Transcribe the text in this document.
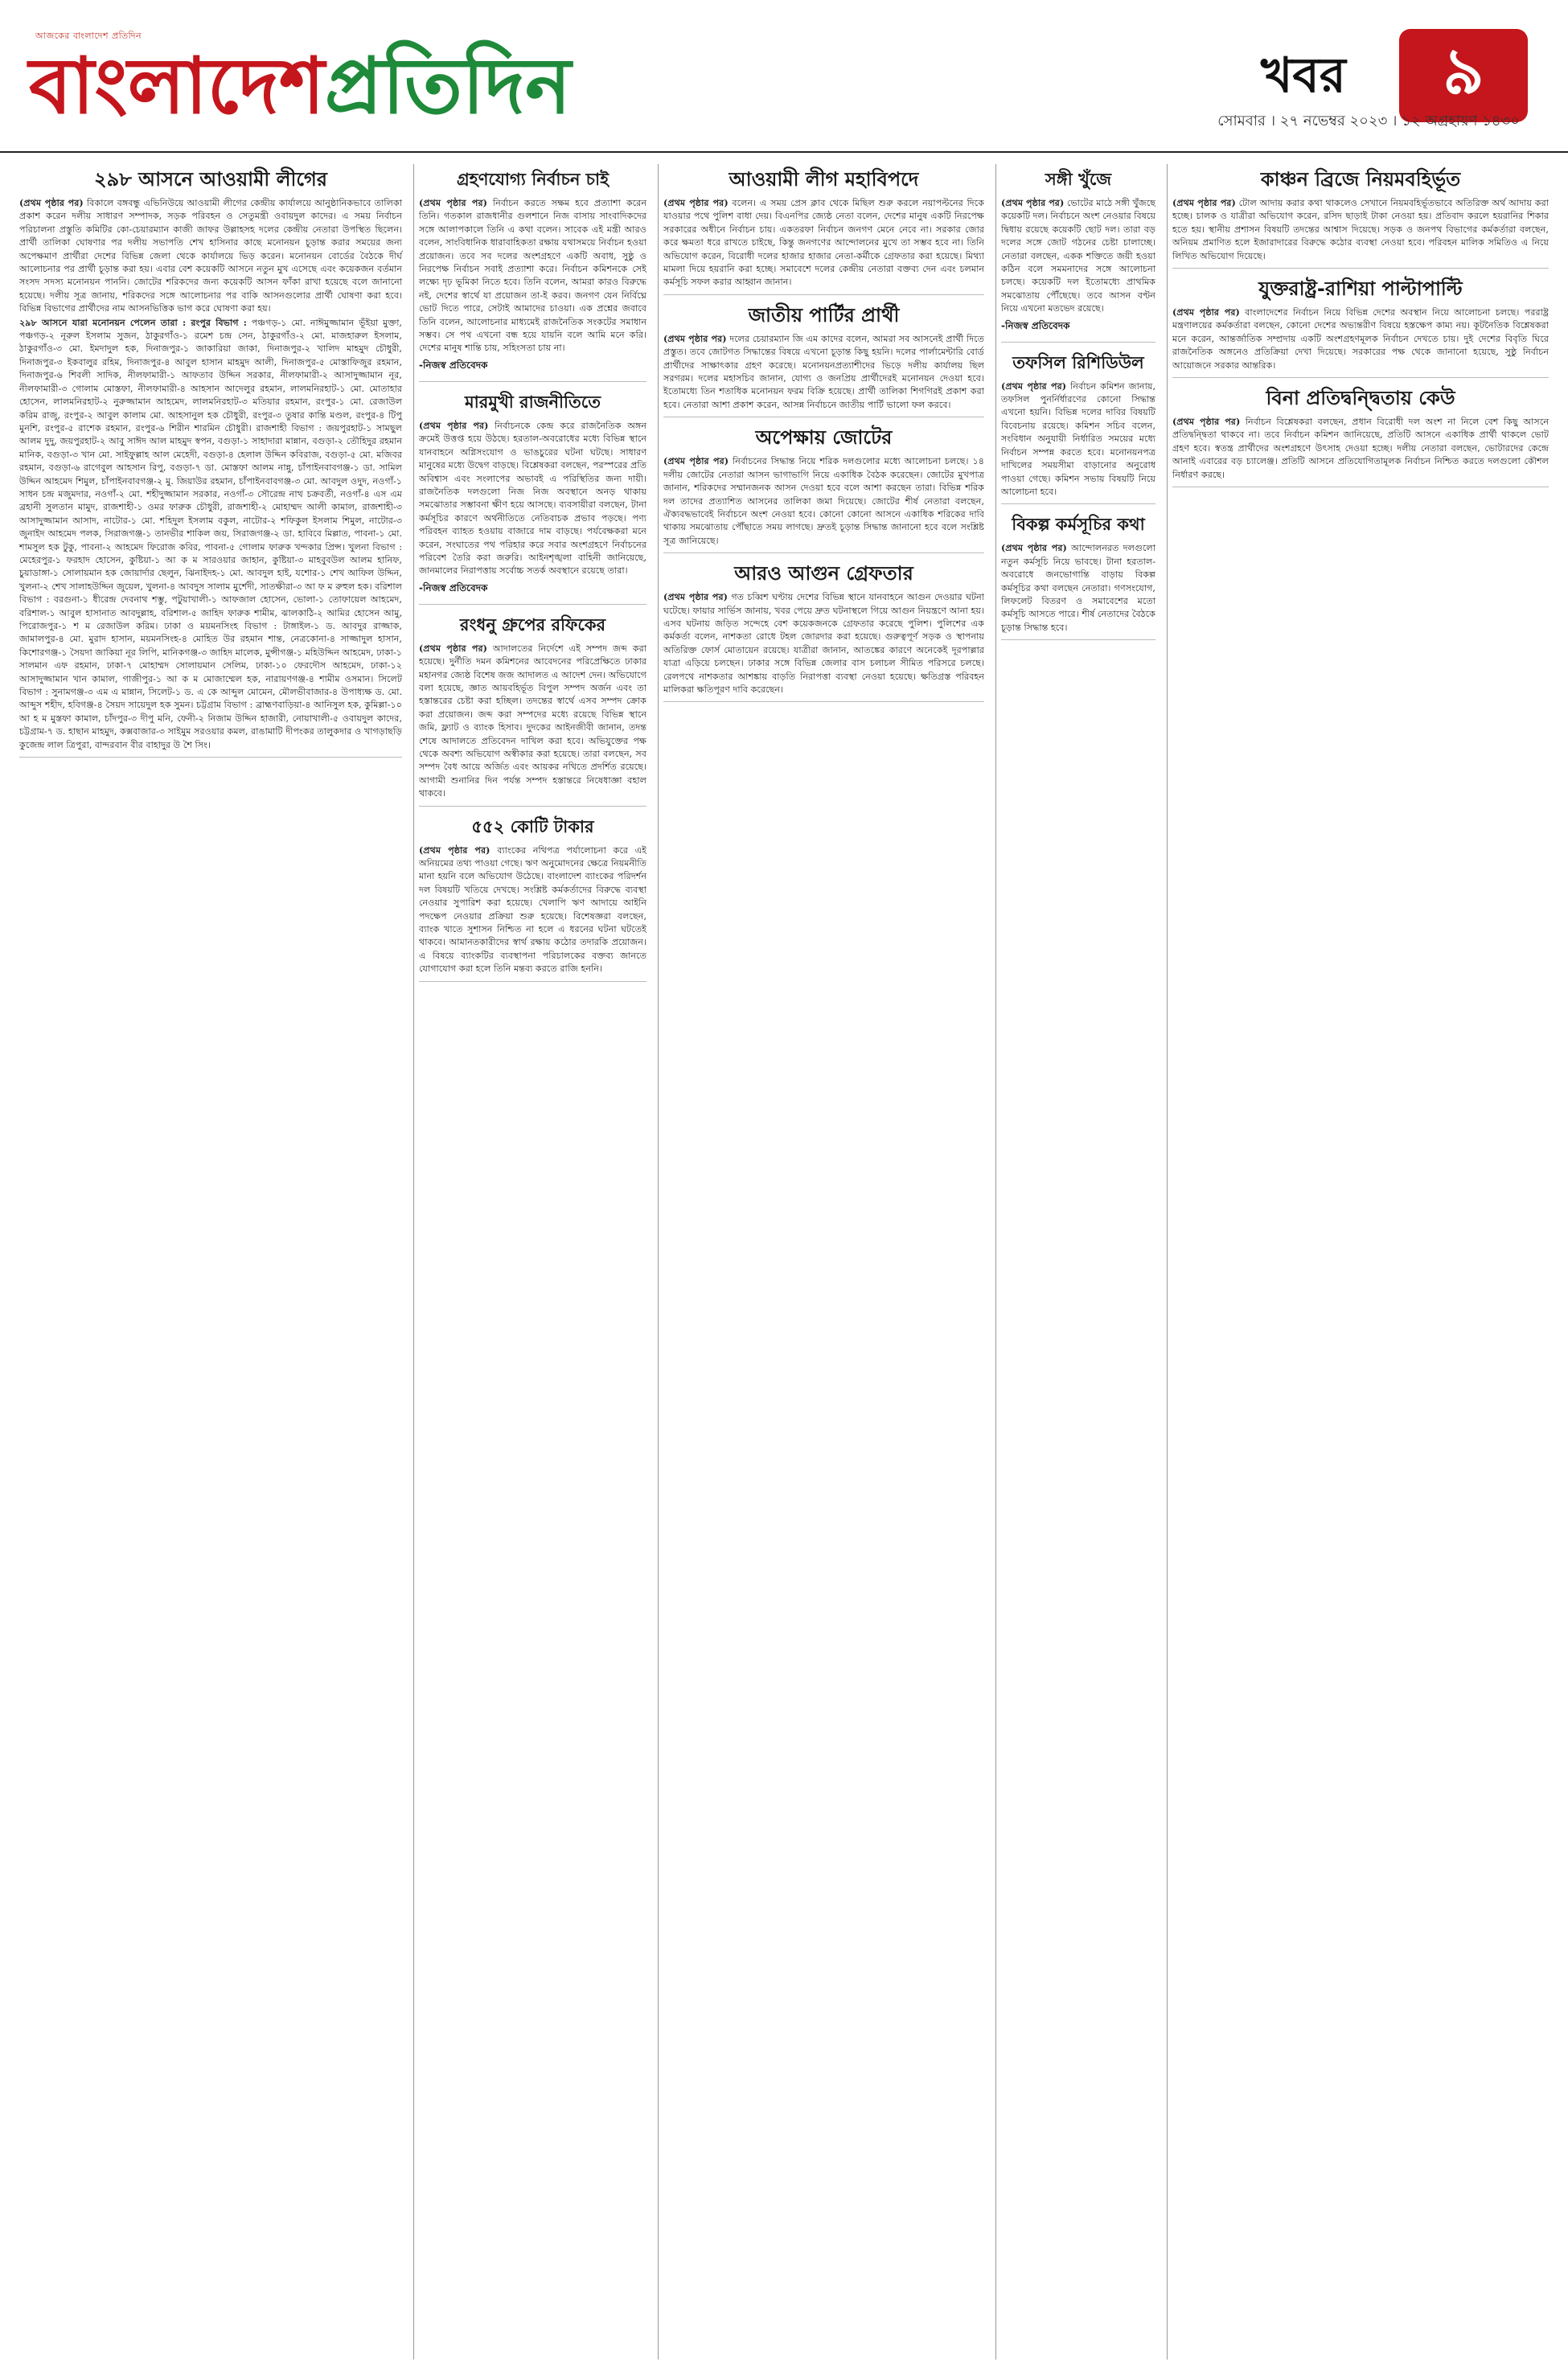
আজকের বাংলাদেশ প্রতিদিন
বাংলাদেশপ্রতিদিন	খবর	৯
সোমবার । ২৭ নভেম্বর ২০২৩ । ১২ অগ্রহায়ণ ১৪৩০
২৯৮ আসনে আওয়ামী লীগের

(প্রথম পৃষ্ঠার পর) বিকালে বঙ্গবন্ধু এভিনিউয়ে আওয়ামী লীগের কেন্দ্রীয় কার্যালয়ে আনুষ্ঠানিকভাবে তালিকা প্রকাশ করেন দলীয় সাধারণ সম্পাদক, সড়ক পরিবহন ও সেতুমন্ত্রী ওবায়দুল কাদের। এ সময় নির্বাচন পরিচালনা প্রস্তুতি কমিটির কো-চেয়ারম্যান কাজী জাফর উল্লাহসহ দলের কেন্দ্রীয় নেতারা উপস্থিত ছিলেন। প্রার্থী তালিকা ঘোষণার পর দলীয় সভাপতি শেখ হাসিনার কাছে মনোনয়ন চূড়ান্ত করার সময়ের জন্য অপেক্ষমাণ প্রার্থীরা দেশের বিভিন্ন জেলা থেকে কার্যালয়ে ভিড় করেন। মনোনয়ন বোর্ডের বৈঠকে দীর্ঘ আলোচনার পর প্রার্থী চূড়ান্ত করা হয়। এবার বেশ কয়েকটি আসনে নতুন মুখ এসেছে এবং কয়েকজন বর্তমান সংসদ সদস্য মনোনয়ন পাননি। জোটের শরিকদের জন্য কয়েকটি আসন ফাঁকা রাখা হয়েছে বলে জানানো হয়েছে। দলীয় সূত্র জানায়, শরিকদের সঙ্গে আলোচনার পর বাকি আসনগুলোর প্রার্থী ঘোষণা করা হবে। বিভিন্ন বিভাগের প্রার্থীদের নাম আসনভিত্তিক ভাগ করে ঘোষণা করা হয়।

২৯৮ আসনে যারা মনোনয়ন পেলেন তারা : রংপুর বিভাগ : পঞ্চগড়-১ মো. নাঈমুজ্জামান ভূঁইয়া মুক্তা, পঞ্চগড়-২ নূরুল ইসলাম সুজন, ঠাকুরগাঁও-১ রমেশ চন্দ্র সেন, ঠাকুরগাঁও-২ মো. মাজহারুল ইসলাম, ঠাকুরগাঁও-৩ মো. ইমদাদুল হক, দিনাজপুর-১ জাকারিয়া জাকা, দিনাজপুর-২ খালিদ মাহমুদ চৌধুরী, দিনাজপুর-৩ ইকবালুর রহিম, দিনাজপুর-৪ আবুল হাসান মাহমুদ আলী, দিনাজপুর-৫ মোস্তাফিজুর রহমান, দিনাজপুর-৬ শিবলী সাদিক, নীলফামারী-১ আফতাব উদ্দিন সরকার, নীলফামারী-২ আসাদুজ্জামান নূর, নীলফামারী-৩ গোলাম মোস্তফা, নীলফামারী-৪ আহসান আদেলুর রহমান, লালমনিরহাট-১ মো. মোতাহার হোসেন, লালমনিরহাট-২ নুরুজ্জামান আহমেদ, লালমনিরহাট-৩ মতিয়ার রহমান, রংপুর-১ মো. রেজাউল করিম রাজু, রংপুর-২ আবুল কালাম মো. আহসানুল হক চৌধুরী, রংপুর-৩ তুষার কান্তি মণ্ডল, রংপুর-৪ টিপু মুনশি, রংপুর-৫ রাশেক রহমান, রংপুর-৬ শিরীন শারমিন চৌধুরী। রাজশাহী বিভাগ : জয়পুরহাট-১ সামছুল আলম দুদু, জয়পুরহাট-২ আবু সাঈদ আল মাহমুদ স্বপন, বগুড়া-১ সাহাদারা মান্নান, বগুড়া-২ তৌহিদুর রহমান মানিক, বগুড়া-৩ খান মো. সাইফুল্লাহ আল মেহেদী, বগুড়া-৪ হেলাল উদ্দিন কবিরাজ, বগুড়া-৫ মো. মজিবর রহমান, বগুড়া-৬ রাগেবুল আহসান রিপু, বগুড়া-৭ ডা. মোস্তফা আলম নান্নু, চাঁপাইনবাবগঞ্জ-১ ডা. সামিল উদ্দিন আহমেদ শিমুল, চাঁপাইনবাবগঞ্জ-২ মু. জিয়াউর রহমান, চাঁপাইনবাবগঞ্জ-৩ মো. আবদুল ওদুদ, নওগাঁ-১ সাধন চন্দ্র মজুমদার, নওগাঁ-২ মো. শহীদুজ্জামান সরকার, নওগাঁ-৩ সৌরেন্দ্র নাথ চক্রবর্তী, নওগাঁ-৪ এস এম ব্রহানী সুলতান মামুদ, রাজশাহী-১ ওমর ফারুক চৌধুরী, রাজশাহী-২ মোহাম্মদ আলী কামাল, রাজশাহী-৩ আসাদুজ্জামান আসাদ, নাটোর-১ মো. শহিদুল ইসলাম বকুল, নাটোর-২ শফিকুল ইসলাম শিমুল, নাটোর-৩ জুনাইদ আহমেদ পলক, সিরাজগঞ্জ-১ তানভীর শাকিল জয়, সিরাজগঞ্জ-২ ডা. হাবিবে মিল্লাত, পাবনা-১ মো. শামসুল হক টুকু, পাবনা-২ আহমেদ ফিরোজ কবির, পাবনা-৫ গোলাম ফারুক খন্দকার প্রিন্স। খুলনা বিভাগ : মেহেরপুর-১ ফরহাদ হোসেন, কুষ্টিয়া-১ আ ক ম সারওয়ার জাহান, কুষ্টিয়া-৩ মাহবুবউল আলম হানিফ, চুয়াডাঙ্গা-১ সোলায়মান হক জোয়ার্দার ছেলুন, ঝিনাইদহ-১ মো. আবদুল হাই, যশোর-১ শেখ আফিল উদ্দিন, খুলনা-২ শেখ সালাহউদ্দিন জুয়েল, খুলনা-৪ আবদুস সালাম মুর্শেদী, সাতক্ষীরা-৩ আ ফ ম রুহুল হক। বরিশাল বিভাগ : বরগুনা-১ ধীরেন্দ্র দেবনাথ শম্ভু, পটুয়াখালী-১ আফজাল হোসেন, ভোলা-১ তোফায়েল আহমেদ, বরিশাল-১ আবুল হাসানাত আবদুল্লাহ, বরিশাল-৫ জাহিদ ফারুক শামীম, ঝালকাঠি-২ আমির হোসেন আমু, পিরোজপুর-১ শ ম রেজাউল করিম। ঢাকা ও ময়মনসিংহ বিভাগ : টাঙ্গাইল-১ ড. আবদুর রাজ্জাক, জামালপুর-৪ মো. মুরাদ হাসান, ময়মনসিংহ-৪ মোহিত উর রহমান শান্ত, নেত্রকোনা-৪ সাজ্জাদুল হাসান, কিশোরগঞ্জ-১ সৈয়দা জাকিয়া নূর লিপি, মানিকগঞ্জ-৩ জাহিদ মালেক, মুন্সীগঞ্জ-১ মহিউদ্দিন আহমেদ, ঢাকা-১ সালমান এফ রহমান, ঢাকা-৭ মোহাম্মদ সোলায়মান সেলিম, ঢাকা-১০ ফেরদৌস আহমেদ, ঢাকা-১২ আসাদুজ্জামান খান কামাল, গাজীপুর-১ আ ক ম মোজাম্মেল হক, নারায়ণগঞ্জ-৪ শামীম ওসমান। সিলেট বিভাগ : সুনামগঞ্জ-৩ এম এ মান্নান, সিলেট-১ ড. এ কে আব্দুল মোমেন, মৌলভীবাজার-৪ উপাধ্যক্ষ ড. মো. আব্দুস শহীদ, হবিগঞ্জ-৪ সৈয়দ সায়েদুল হক সুমন। চট্টগ্রাম বিভাগ : ব্রাহ্মণবাড়িয়া-৪ আনিসুল হক, কুমিল্লা-১০ আ হ ম মুস্তফা কামাল, চাঁদপুর-৩ দীপু মনি, ফেনী-২ নিজাম উদ্দিন হাজারী, নোয়াখালী-৫ ওবায়দুল কাদের, চট্টগ্রাম-৭ ড. হাছান মাহমুদ, কক্সবাজার-৩ সাইমুম সরওয়ার কমল, রাঙামাটি দীপংকর তালুকদার ও খাগড়াছড়ি কুজেন্দ্র লাল ত্রিপুরা, বান্দরবান বীর বাহাদুর উ শৈ সিং।

গ্রহণযোগ্য নির্বাচন চাই

(প্রথম পৃষ্ঠার পর) নির্বাচন করতে সক্ষম হবে প্রত্যাশা করেন তিনি। গতকাল রাজধানীর গুলশানে নিজ বাসায় সাংবাদিকদের সঙ্গে আলাপকালে তিনি এ কথা বলেন। সাবেক এই মন্ত্রী আরও বলেন, সাংবিধানিক ধারাবাহিকতা রক্ষায় যথাসময়ে নির্বাচন হওয়া প্রয়োজন। তবে সব দলের অংশগ্রহণে একটি অবাধ, সুষ্ঠু ও নিরপেক্ষ নির্বাচন সবাই প্রত্যাশা করে। নির্বাচন কমিশনকে সেই লক্ষ্যে দৃঢ় ভূমিকা নিতে হবে। তিনি বলেন, আমরা কারও বিরুদ্ধে নই, দেশের স্বার্থে যা প্রয়োজন তা-ই করব। জনগণ যেন নির্বিঘ্নে ভোট দিতে পারে, সেটাই আমাদের চাওয়া। এক প্রশ্নের জবাবে তিনি বলেন, আলোচনার মাধ্যমেই রাজনৈতিক সংকটের সমাধান সম্ভব। সে পথ এখনো বন্ধ হয়ে যায়নি বলে আমি মনে করি। দেশের মানুষ শান্তি চায়, সহিংসতা চায় না।

-নিজস্ব প্রতিবেদক
মারমুখী রাজনীতিতে

(প্রথম পৃষ্ঠার পর) নির্বাচনকে কেন্দ্র করে রাজনৈতিক অঙ্গন ক্রমেই উত্তপ্ত হয়ে উঠছে। হরতাল-অবরোধের মধ্যে বিভিন্ন স্থানে যানবাহনে অগ্নিসংযোগ ও ভাঙচুরের ঘটনা ঘটছে। সাধারণ মানুষের মধ্যে উদ্বেগ বাড়ছে। বিশ্লেষকরা বলছেন, পরস্পরের প্রতি অবিশ্বাস এবং সংলাপের অভাবই এ পরিস্থিতির জন্য দায়ী। রাজনৈতিক দলগুলো নিজ নিজ অবস্থানে অনড় থাকায় সমঝোতার সম্ভাবনা ক্ষীণ হয়ে আসছে। ব্যবসায়ীরা বলছেন, টানা কর্মসূচির কারণে অর্থনীতিতে নেতিবাচক প্রভাব পড়ছে। পণ্য পরিবহন ব্যাহত হওয়ায় বাজারে দাম বাড়ছে। পর্যবেক্ষকরা মনে করেন, সংঘাতের পথ পরিহার করে সবার অংশগ্রহণে নির্বাচনের পরিবেশ তৈরি করা জরুরি। আইনশৃঙ্খলা বাহিনী জানিয়েছে, জানমালের নিরাপত্তায় সর্বোচ্চ সতর্ক অবস্থানে রয়েছে তারা।

-নিজস্ব প্রতিবেদক
রংধনু গ্রুপের রফিকের

(প্রথম পৃষ্ঠার পর) আদালতের নির্দেশে এই সম্পদ জব্দ করা হয়েছে। দুর্নীতি দমন কমিশনের আবেদনের পরিপ্রেক্ষিতে ঢাকার মহানগর জ্যেষ্ঠ বিশেষ জজ আদালত এ আদেশ দেন। অভিযোগে বলা হয়েছে, জ্ঞাত আয়বহির্ভূত বিপুল সম্পদ অর্জন এবং তা হস্তান্তরের চেষ্টা করা হচ্ছিল। তদন্তের স্বার্থে এসব সম্পদ ক্রোক করা প্রয়োজন। জব্দ করা সম্পদের মধ্যে রয়েছে বিভিন্ন স্থানে জমি, ফ্ল্যাট ও ব্যাংক হিসাব। দুদকের আইনজীবী জানান, তদন্ত শেষে আদালতে প্রতিবেদন দাখিল করা হবে। অভিযুক্তের পক্ষ থেকে অবশ্য অভিযোগ অস্বীকার করা হয়েছে। তারা বলছেন, সব সম্পদ বৈধ আয়ে অর্জিত এবং আয়কর নথিতে প্রদর্শিত রয়েছে। আগামী শুনানির দিন পর্যন্ত সম্পদ হস্তান্তরে নিষেধাজ্ঞা বহাল থাকবে।

৫৫২ কোটি টাকার

(প্রথম পৃষ্ঠার পর) ব্যাংকের নথিপত্র পর্যালোচনা করে এই অনিয়মের তথ্য পাওয়া গেছে। ঋণ অনুমোদনের ক্ষেত্রে নিয়মনীতি মানা হয়নি বলে অভিযোগ উঠেছে। বাংলাদেশ ব্যাংকের পরিদর্শন দল বিষয়টি খতিয়ে দেখছে। সংশ্লিষ্ট কর্মকর্তাদের বিরুদ্ধে ব্যবস্থা নেওয়ার সুপারিশ করা হয়েছে। খেলাপি ঋণ আদায়ে আইনি পদক্ষেপ নেওয়ার প্রক্রিয়া শুরু হয়েছে। বিশেষজ্ঞরা বলছেন, ব্যাংক খাতে সুশাসন নিশ্চিত না হলে এ ধরনের ঘটনা ঘটতেই থাকবে। আমানতকারীদের স্বার্থ রক্ষায় কঠোর তদারকি প্রয়োজন। এ বিষয়ে ব্যাংকটির ব্যবস্থাপনা পরিচালকের বক্তব্য জানতে যোগাযোগ করা হলে তিনি মন্তব্য করতে রাজি হননি।

আওয়ামী লীগ মহাবিপদে

(প্রথম পৃষ্ঠার পর) বলেন। এ সময় প্রেস ক্লাব থেকে মিছিল শুরু করলে নয়াপল্টনের দিকে যাওয়ার পথে পুলিশ বাধা দেয়। বিএনপির জ্যেষ্ঠ নেতা বলেন, দেশের মানুষ একটি নিরপেক্ষ সরকারের অধীনে নির্বাচন চায়। একতরফা নির্বাচন জনগণ মেনে নেবে না। সরকার জোর করে ক্ষমতা ধরে রাখতে চাইছে, কিন্তু জনগণের আন্দোলনের মুখে তা সম্ভব হবে না। তিনি অভিযোগ করেন, বিরোধী দলের হাজার হাজার নেতা-কর্মীকে গ্রেফতার করা হয়েছে। মিথ্যা মামলা দিয়ে হয়রানি করা হচ্ছে। সমাবেশে দলের কেন্দ্রীয় নেতারা বক্তব্য দেন এবং চলমান কর্মসূচি সফল করার আহ্বান জানান।

জাতীয় পার্টির প্রার্থী

(প্রথম পৃষ্ঠার পর) দলের চেয়ারম্যান জি এম কাদের বলেন, আমরা সব আসনেই প্রার্থী দিতে প্রস্তুত। তবে জোটগত সিদ্ধান্তের বিষয়ে এখনো চূড়ান্ত কিছু হয়নি। দলের পার্লামেন্টারি বোর্ড প্রার্থীদের সাক্ষাৎকার গ্রহণ করেছে। মনোনয়নপ্রত্যাশীদের ভিড়ে দলীয় কার্যালয় ছিল সরগরম। দলের মহাসচিব জানান, যোগ্য ও জনপ্রিয় প্রার্থীদেরই মনোনয়ন দেওয়া হবে। ইতোমধ্যে তিন শতাধিক মনোনয়ন ফরম বিক্রি হয়েছে। প্রার্থী তালিকা শিগগিরই প্রকাশ করা হবে। নেতারা আশা প্রকাশ করেন, আসন্ন নির্বাচনে জাতীয় পার্টি ভালো ফল করবে।

অপেক্ষায় জোটের

(প্রথম পৃষ্ঠার পর) নির্বাচনের সিদ্ধান্ত নিয়ে শরিক দলগুলোর মধ্যে আলোচনা চলছে। ১৪ দলীয় জোটের নেতারা আসন ভাগাভাগি নিয়ে একাধিক বৈঠক করেছেন। জোটের মুখপাত্র জানান, শরিকদের সম্মানজনক আসন দেওয়া হবে বলে আশা করছেন তারা। বিভিন্ন শরিক দল তাদের প্রত্যাশিত আসনের তালিকা জমা দিয়েছে। জোটের শীর্ষ নেতারা বলছেন, ঐক্যবদ্ধভাবেই নির্বাচনে অংশ নেওয়া হবে। কোনো কোনো আসনে একাধিক শরিকের দাবি থাকায় সমঝোতায় পৌঁছাতে সময় লাগছে। দ্রুতই চূড়ান্ত সিদ্ধান্ত জানানো হবে বলে সংশ্লিষ্ট সূত্র জানিয়েছে।

আরও আগুন গ্রেফতার

(প্রথম পৃষ্ঠার পর) গত চব্বিশ ঘণ্টায় দেশের বিভিন্ন স্থানে যানবাহনে আগুন দেওয়ার ঘটনা ঘটেছে। ফায়ার সার্ভিস জানায়, খবর পেয়ে দ্রুত ঘটনাস্থলে গিয়ে আগুন নিয়ন্ত্রণে আনা হয়। এসব ঘটনায় জড়িত সন্দেহে বেশ কয়েকজনকে গ্রেফতার করেছে পুলিশ। পুলিশের এক কর্মকর্তা বলেন, নাশকতা রোধে টহল জোরদার করা হয়েছে। গুরুত্বপূর্ণ সড়ক ও স্থাপনায় অতিরিক্ত ফোর্স মোতায়েন রয়েছে। যাত্রীরা জানান, আতঙ্কের কারণে অনেকেই দূরপাল্লার যাত্রা এড়িয়ে চলছেন। ঢাকার সঙ্গে বিভিন্ন জেলার বাস চলাচল সীমিত পরিসরে চলছে। রেলপথে নাশকতার আশঙ্কায় বাড়তি নিরাপত্তা ব্যবস্থা নেওয়া হয়েছে। ক্ষতিগ্রস্ত পরিবহন মালিকরা ক্ষতিপূরণ দাবি করেছেন।

সঙ্গী খুঁজে

(প্রথম পৃষ্ঠার পর) ভোটের মাঠে সঙ্গী খুঁজছে কয়েকটি দল। নির্বাচনে অংশ নেওয়ার বিষয়ে দ্বিধায় রয়েছে কয়েকটি ছোট দল। তারা বড় দলের সঙ্গে জোট গঠনের চেষ্টা চালাচ্ছে। নেতারা বলছেন, একক শক্তিতে জয়ী হওয়া কঠিন বলে সমমনাদের সঙ্গে আলোচনা চলছে। কয়েকটি দল ইতোমধ্যে প্রাথমিক সমঝোতায় পৌঁছেছে। তবে আসন বণ্টন নিয়ে এখনো মতভেদ রয়েছে।

-নিজস্ব প্রতিবেদক
তফসিল রিশিডিউল

(প্রথম পৃষ্ঠার পর) নির্বাচন কমিশন জানায়, তফসিল পুনর্নির্ধারণের কোনো সিদ্ধান্ত এখনো হয়নি। বিভিন্ন দলের দাবির বিষয়টি বিবেচনায় রয়েছে। কমিশন সচিব বলেন, সংবিধান অনুযায়ী নির্ধারিত সময়ের মধ্যে নির্বাচন সম্পন্ন করতে হবে। মনোনয়নপত্র দাখিলের সময়সীমা বাড়ানোর অনুরোধ পাওয়া গেছে। কমিশন সভায় বিষয়টি নিয়ে আলোচনা হবে।

বিকল্প কর্মসূচির কথা

(প্রথম পৃষ্ঠার পর) আন্দোলনরত দলগুলো নতুন কর্মসূচি নিয়ে ভাবছে। টানা হরতাল-অবরোধে জনভোগান্তি বাড়ায় বিকল্প কর্মসূচির কথা বলছেন নেতারা। গণসংযোগ, লিফলেট বিতরণ ও সমাবেশের মতো কর্মসূচি আসতে পারে। শীর্ষ নেতাদের বৈঠকে চূড়ান্ত সিদ্ধান্ত হবে।

কাঞ্চন ব্রিজে নিয়মবহির্ভূত

(প্রথম পৃষ্ঠার পর) টোল আদায় করার কথা থাকলেও সেখানে নিয়মবহির্ভূতভাবে অতিরিক্ত অর্থ আদায় করা হচ্ছে। চালক ও যাত্রীরা অভিযোগ করেন, রসিদ ছাড়াই টাকা নেওয়া হয়। প্রতিবাদ করলে হয়রানির শিকার হতে হয়। স্থানীয় প্রশাসন বিষয়টি তদন্তের আশ্বাস দিয়েছে। সড়ক ও জনপথ বিভাগের কর্মকর্তারা বলছেন, অনিয়ম প্রমাণিত হলে ইজারাদারের বিরুদ্ধে কঠোর ব্যবস্থা নেওয়া হবে। পরিবহন মালিক সমিতিও এ নিয়ে লিখিত অভিযোগ দিয়েছে।

যুক্তরাষ্ট্র-রাশিয়া পাল্টাপাল্টি

(প্রথম পৃষ্ঠার পর) বাংলাদেশের নির্বাচন নিয়ে বিভিন্ন দেশের অবস্থান নিয়ে আলোচনা চলছে। পররাষ্ট্র মন্ত্রণালয়ের কর্মকর্তারা বলছেন, কোনো দেশের অভ্যন্তরীণ বিষয়ে হস্তক্ষেপ কাম্য নয়। কূটনৈতিক বিশ্লেষকরা মনে করেন, আন্তর্জাতিক সম্প্রদায় একটি অংশগ্রহণমূলক নির্বাচন দেখতে চায়। দুই দেশের বিবৃতি ঘিরে রাজনৈতিক অঙ্গনেও প্রতিক্রিয়া দেখা দিয়েছে। সরকারের পক্ষ থেকে জানানো হয়েছে, সুষ্ঠু নির্বাচন আয়োজনে সরকার আন্তরিক।

বিনা প্রতিদ্বন্দ্বিতায় কেউ

(প্রথম পৃষ্ঠার পর) নির্বাচন বিশ্লেষকরা বলছেন, প্রধান বিরোধী দল অংশ না নিলে বেশ কিছু আসনে প্রতিদ্বন্দ্বিতা থাকবে না। তবে নির্বাচন কমিশন জানিয়েছে, প্রতিটি আসনে একাধিক প্রার্থী থাকলে ভোট গ্রহণ হবে। স্বতন্ত্র প্রার্থীদের অংশগ্রহণে উৎসাহ দেওয়া হচ্ছে। দলীয় নেতারা বলছেন, ভোটারদের কেন্দ্রে আনাই এবারের বড় চ্যালেঞ্জ। প্রতিটি আসনে প্রতিযোগিতামূলক নির্বাচন নিশ্চিত করতে দলগুলো কৌশল নির্ধারণ করছে।
